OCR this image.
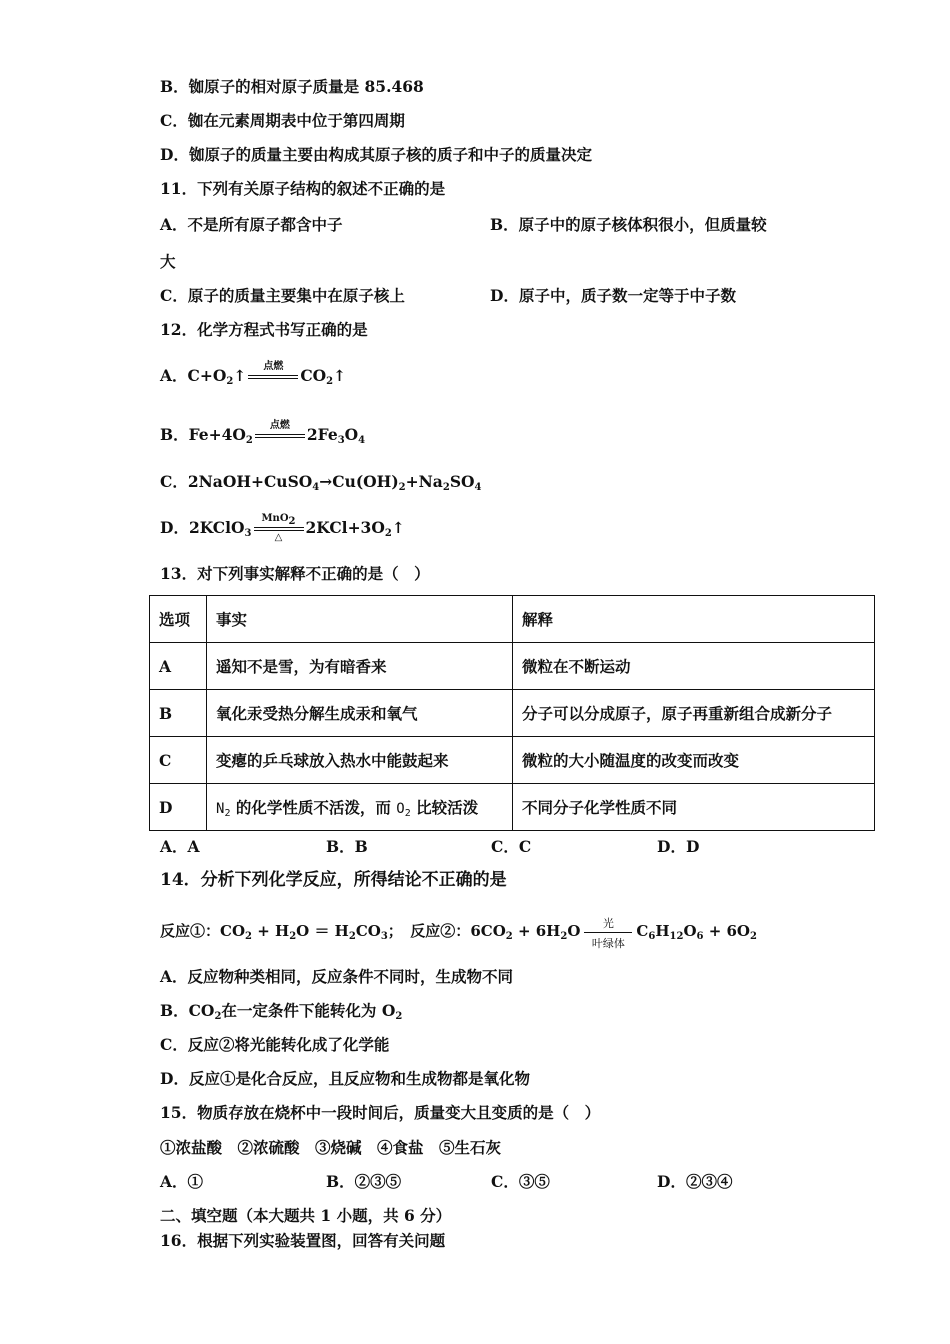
B．铷原子的相对原子质量是 85.468
C．铷在元素周期表中位于第四周期
D．铷原子的质量主要由构成其原子核的质子和中子的质量决定
11．下列有关原子结构的叙述不正确的是
A．不是所有原子都含中子	B．原子中的原子核体积很小，但质量较
大
C．原子的质量主要集中在原子核上	D．原子中，质子数一定等于中子数
12．化学方程式书写正确的是
A．$C+O_2↑$	点燃	$CO_2↑$
B．$Fe+4O_2$
点燃	$2Fe_3O_4$
C．$2NaOH+CuSO_4\to Cu(OH)_2+Na_2SO_4$
D．2KClO$_3$
MnO$_2$
△
$2KCl+3O_2↑$
13．对下列事实解释不正确的是（　）
选项	事实	解释
A	遥知不是雪，为有暗香来	微粒在不断运动
B	氧化汞受热分解生成汞和氧气	分子可以分成原子，原子再重新组合成新分子
C	变瘪的乒乓球放入热水中能鼓起来	微粒的大小随温度的改变而改变
D	$N_2$ 的化学性质不活泼，而 $O_2$ 比较活泼	不同分子化学性质不同
A．A	B．B	C．C	D．D
14．分析下列化学反应，所得结论不正确的是
反应①：$CO_2 + H_2O = H_2CO_3$；　反应②：$6CO_2 + 6H_2O$	光
叶绿体
$C_6H_{12}O_6 + 6O_2$
A．反应物种类相同，反应条件不同时，生成物不同
B．$CO_2$在一定条件下能转化为 $O_2$
C．反应②将光能转化成了化学能
D．反应①是化合反应，且反应物和生成物都是氧化物
15．物质存放在烧杯中一段时间后，质量变大且变质的是（　）
①浓盐酸　②浓硫酸　③烧碱　④食盐　⑤生石灰
A．①	B．②③⑤	C．③⑤	D．②③④
二、填空题（本大题共 1 小题，共 6 分）
16．根据下列实验装置图，回答有关问题
